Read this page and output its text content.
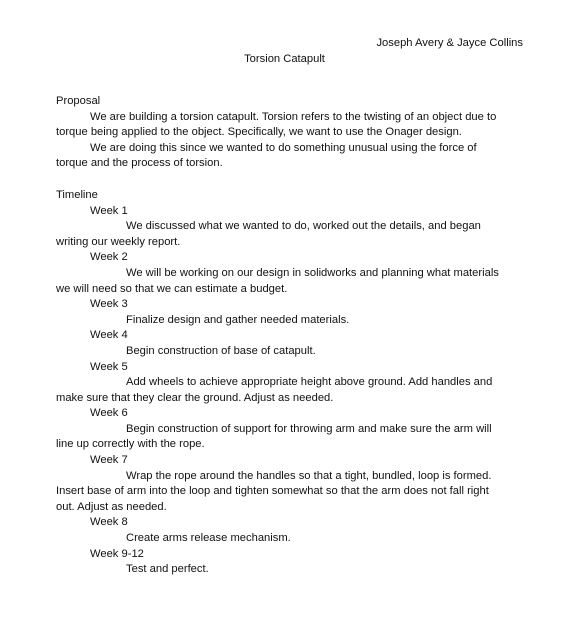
Joseph Avery & Jayce Collins
Torsion Catapult

Proposal

We are building a torsion catapult. Torsion refers to the twisting of an object due to torque being applied to the object. Specifically, we want to use the Onager design.

We are doing this since we wanted to do something unusual using the force of torque and the process of torsion.

Timeline

Week 1

We discussed what we wanted to do, worked out the details, and began writing our weekly report.

Week 2

We will be working on our design in solidworks and planning what materials we will need so that we can estimate a budget.

Week 3

Finalize design and gather needed materials.

Week 4

Begin construction of base of catapult.

Week 5

Add wheels to achieve appropriate height above ground. Add handles and make sure that they clear the ground. Adjust as needed.

Week 6

Begin construction of support for throwing arm and make sure the arm will line up correctly with the rope.

Week 7

Wrap the rope around the handles so that a tight, bundled, loop is formed. Insert base of arm into the loop and tighten somewhat so that the arm does not fall right out. Adjust as needed.

Week 8

Create arms release mechanism.

Week 9-12

Test and perfect.
